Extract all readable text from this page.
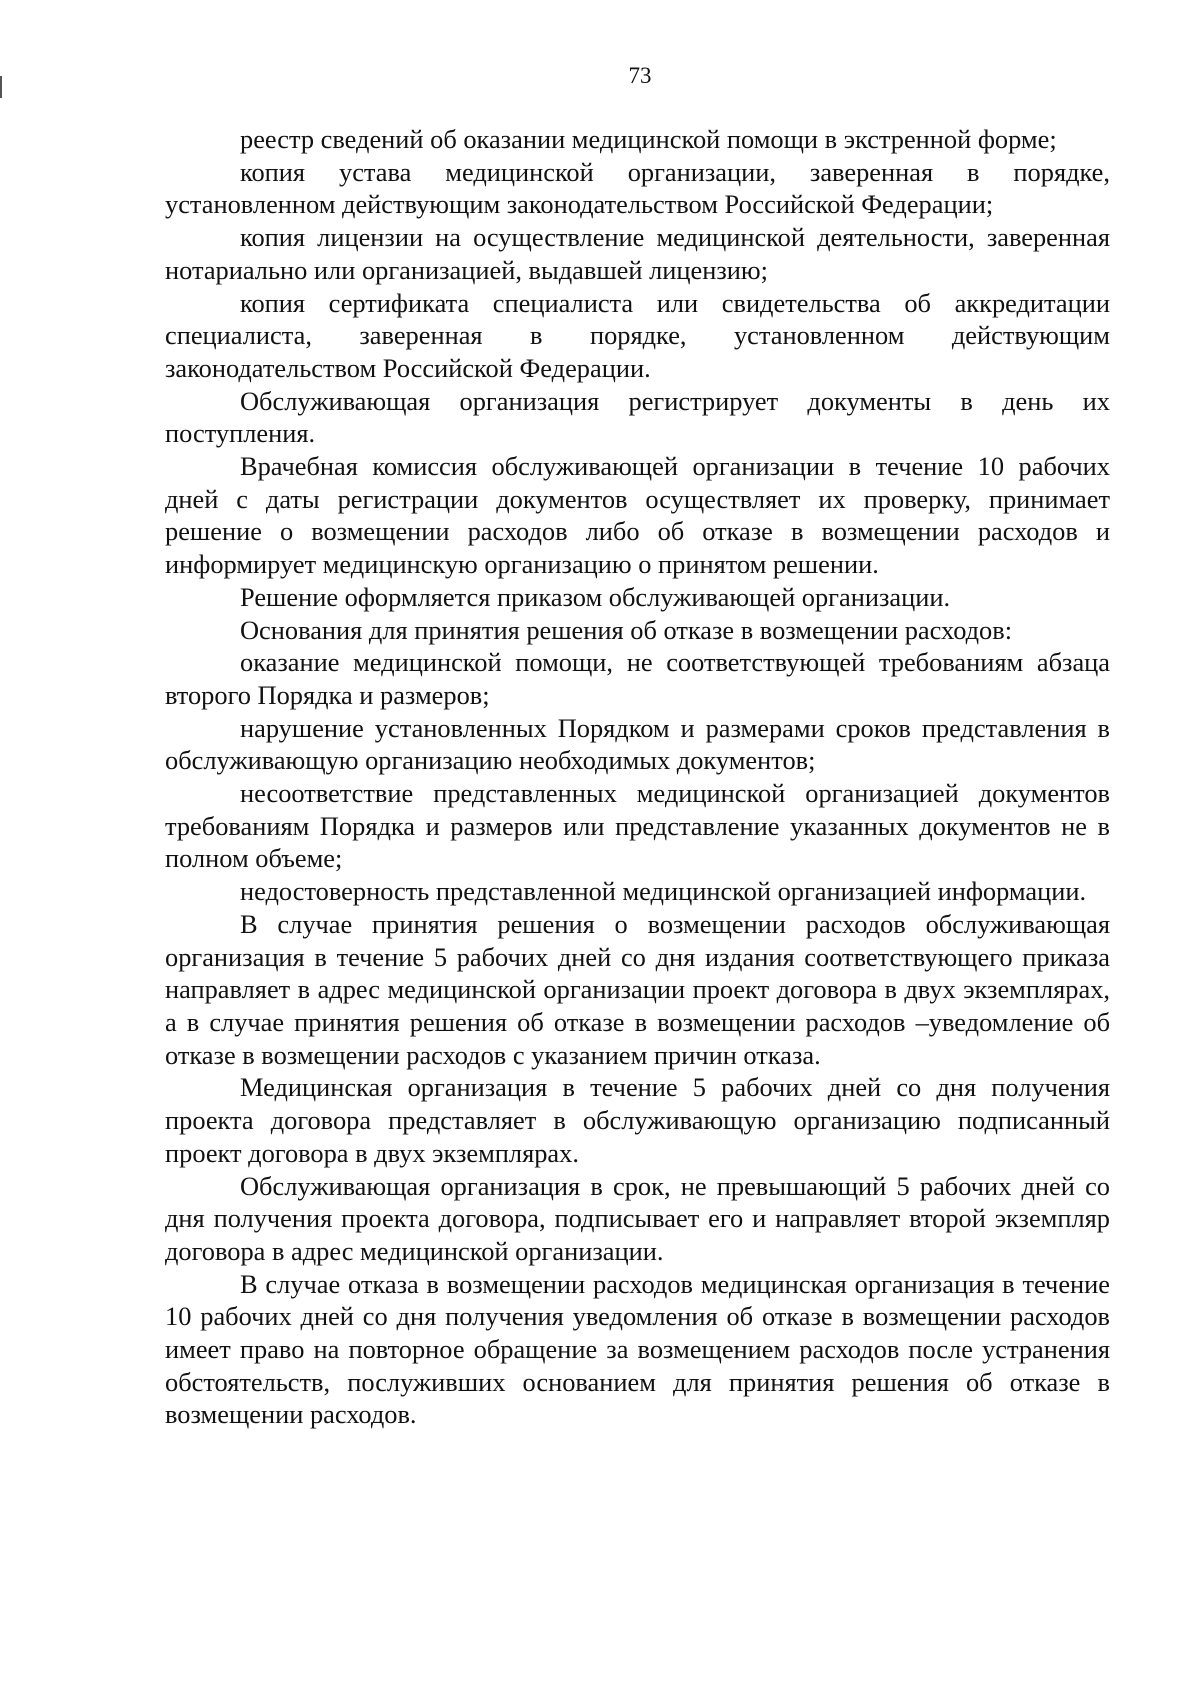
73

реестр сведений об оказании медицинской помощи в экстренной форме;

копия устава медицинской организации, заверенная в порядке, установленном действующим законодательством Российской Федерации;

копия лицензии на осуществление медицинской деятельности, заверенная нотариально или организацией, выдавшей лицензию;

копия сертификата специалиста или свидетельства об аккредитации специалиста, заверенная в порядке, установленном действующим законодательством Российской Федерации.

Обслуживающая организация регистрирует документы в день их поступления.

Врачебная комиссия обслуживающей организации в течение 10 рабочих дней с даты регистрации документов осуществляет их проверку, принимает решение о возмещении расходов либо об отказе в возмещении расходов и информирует медицинскую организацию о принятом решении.

Решение оформляется приказом обслуживающей организации.

Основания для принятия решения об отказе в возмещении расходов:

оказание медицинской помощи, не соответствующей требованиям абзаца второго Порядка и размеров;

нарушение установленных Порядком и размерами сроков представления в обслуживающую организацию необходимых документов;

несоответствие представленных медицинской организацией документов требованиям Порядка и размеров или представление указанных документов не в полном объеме;

недостоверность представленной медицинской организацией информации.

В случае принятия решения о возмещении расходов обслуживающая организация в течение 5 рабочих дней со дня издания соответствующего приказа направляет в адрес медицинской организации проект договора в двух экземплярах, а в случае принятия решения об отказе в возмещении расходов –уведомление об отказе в возмещении расходов с указанием причин отказа.

Медицинская организация в течение 5 рабочих дней со дня получения проекта договора представляет в обслуживающую организацию подписанный проект договора в двух экземплярах.

Обслуживающая организация в срок, не превышающий 5 рабочих дней со дня получения проекта договора, подписывает его и направляет второй экземпляр договора в адрес медицинской организации.

В случае отказа в возмещении расходов медицинская организация в течение 10 рабочих дней со дня получения уведомления об отказе в возмещении расходов имеет право на повторное обращение за возмещением расходов после устранения обстоятельств, послуживших основанием для принятия решения об отказе в возмещении расходов.
